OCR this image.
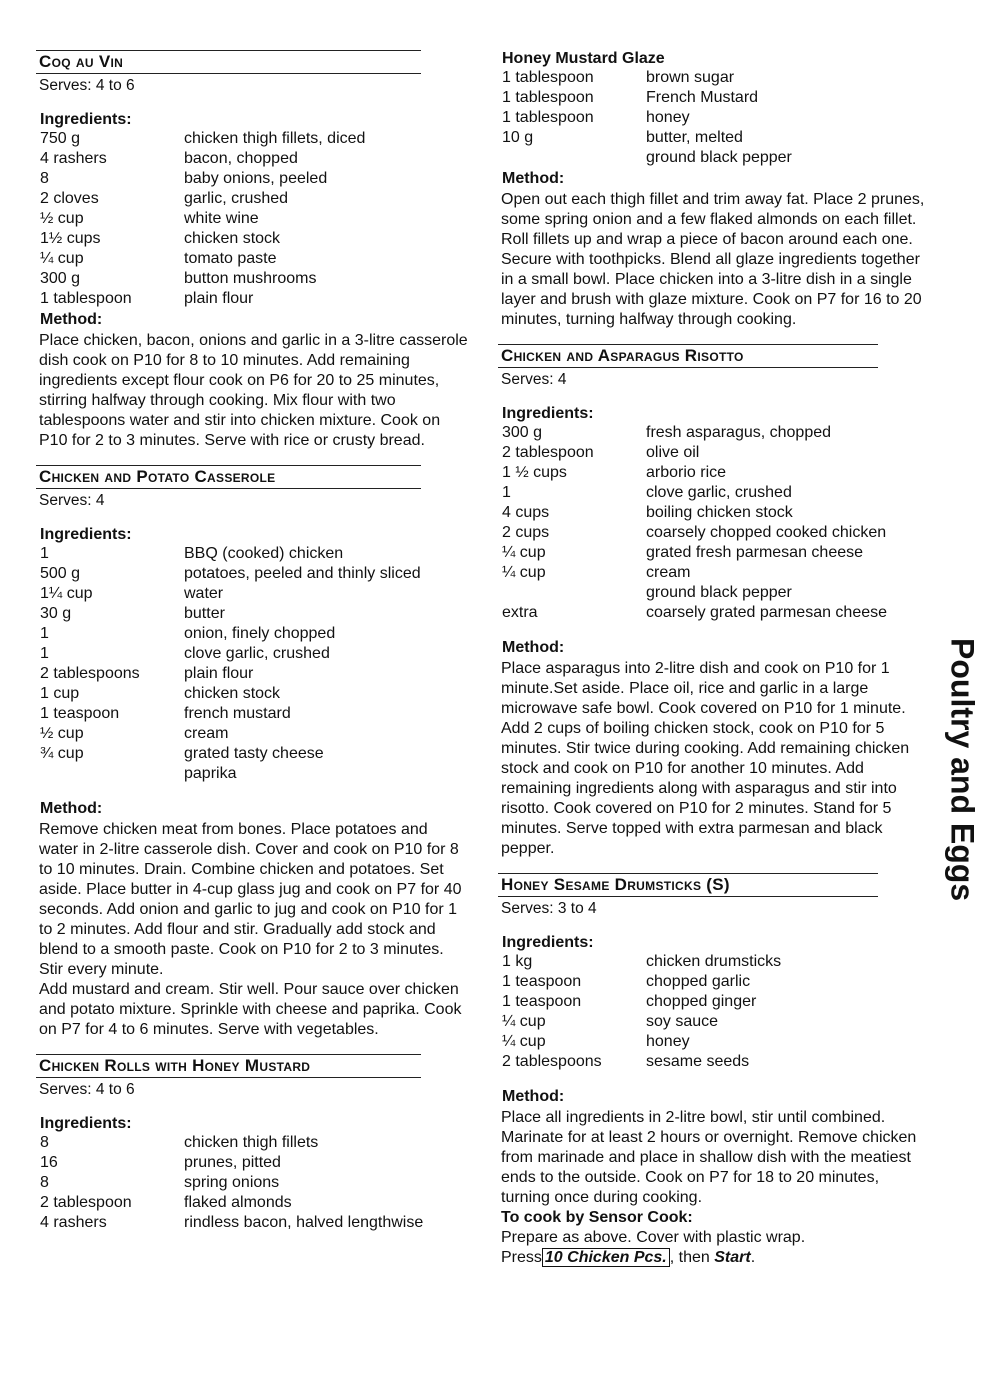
Coq au Vin
Serves: 4 to 6
Ingredients:
750 g	chicken thigh fillets, diced
4 rashers	bacon, chopped
8	baby onions, peeled
2 cloves	garlic, crushed
½ cup	white wine
1½ cups	chicken stock
¼ cup	tomato paste
300 g	button mushrooms
1 tablespoon	plain flour
Method:

Place chicken, bacon, onions and garlic in a 3-litre casserole dish cook on P10 for 8 to 10 minutes. Add remaining ingredients except flour cook on P6 for 20 to 25 minutes, stirring halfway through cooking. Mix flour with two tablespoons water and stir into chicken mixture. Cook on P10 for 2 to 3 minutes. Serve with rice or crusty bread.

Chicken and Potato Casserole
Serves: 4
Ingredients:
1	BBQ (cooked) chicken
500 g	potatoes, peeled and thinly sliced
1¼ cup	water
30 g	butter
1	onion, finely chopped
1	clove garlic, crushed
2 tablespoons	plain flour
1 cup	chicken stock
1 teaspoon	french mustard
½ cup	cream
¾ cup	grated tasty cheese
paprika
Method:

Remove chicken meat from bones. Place potatoes and water in 2-litre casserole dish. Cover and cook on P10 for 8 to 10 minutes. Drain. Combine chicken and potatoes. Set aside. Place butter in 4-cup glass jug and cook on P7 for 40 seconds. Add onion and garlic to jug and cook on P10 for 1 to 2 minutes. Add flour and stir. Gradually add stock and blend to a smooth paste. Cook on P10 for 2 to 3 minutes. Stir every minute.

Add mustard and cream. Stir well. Pour sauce over chicken and potato mixture. Sprinkle with cheese and paprika. Cook on P7 for 4 to 6 minutes. Serve with vegetables.

Chicken Rolls with Honey Mustard
Serves: 4 to 6
Ingredients:
8	chicken thigh fillets
16	prunes, pitted
8	spring onions
2 tablespoon	flaked almonds
4 rashers	rindless bacon, halved lengthwise
Honey Mustard Glaze
1 tablespoon	brown sugar
1 tablespoon	French Mustard
1 tablespoon	honey
10 g	butter, melted
ground black pepper
Method:

Open out each thigh fillet and trim away fat. Place 2 prunes, some spring onion and a few flaked almonds on each fillet. Roll fillets up and wrap a piece of bacon around each one. Secure with toothpicks. Blend all glaze ingredients together in a small bowl. Place chicken into a 3-litre dish in a single layer and brush with glaze mixture. Cook on P7 for 16 to 20 minutes, turning halfway through cooking.

Chicken and Asparagus Risotto
Serves: 4
Ingredients:
300 g	fresh asparagus, chopped
2 tablespoon	olive oil
1 ½ cups	arborio rice
1	clove garlic, crushed
4 cups	boiling chicken stock
2 cups	coarsely chopped cooked chicken
¼ cup	grated fresh parmesan cheese
¼ cup	cream
ground black pepper
extra	coarsely grated parmesan cheese
Method:

Place asparagus into 2-litre dish and cook on P10 for 1 minute.Set aside. Place oil, rice and garlic in a large microwave safe bowl. Cook covered on P10 for 1 minute. Add 2 cups of boiling chicken stock, cook on P10 for 5 minutes. Stir twice during cooking. Add remaining chicken stock and cook on P10 for another 10 minutes. Add remaining ingredients along with asparagus and stir into risotto. Cook covered on P10 for 2 minutes. Stand for 5 minutes. Serve topped with extra parmesan and black pepper.

Honey Sesame Drumsticks (S)
Serves: 3 to 4
Ingredients:
1 kg	chicken drumsticks
1 teaspoon	chopped garlic
1 teaspoon	chopped ginger
¼ cup	soy sauce
¼ cup	honey
2 tablespoons	sesame seeds
Method:

Place all ingredients in 2-litre bowl, stir until combined. Marinate for at least 2 hours or overnight. Remove chicken from marinade and place in shallow dish with the meatiest ends to the outside. Cook on P7 for 18 to 20 minutes, turning once during cooking.

To cook by Sensor Cook:

Prepare as above. Cover with plastic wrap.

Press 10 Chicken Pcs. , then Start.

Poultry and Eggs
